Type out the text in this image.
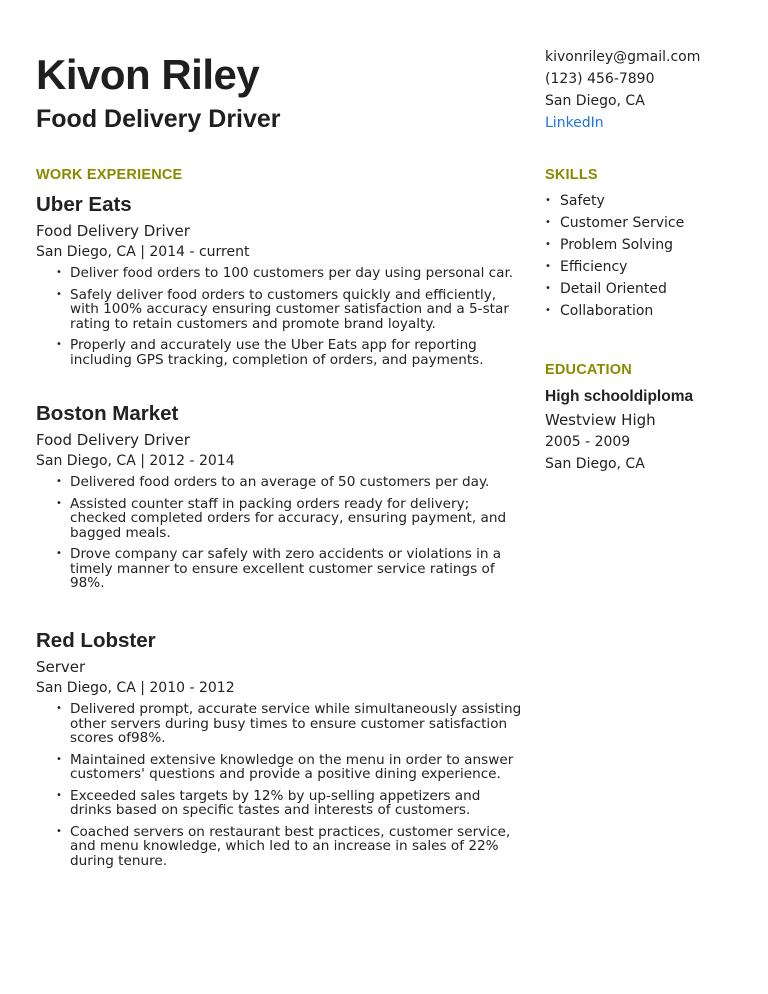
Kivon Riley
Food Delivery Driver
kivonriley@gmail.com
(123) 456-7890
San Diego, CA
LinkedIn
WORK EXPERIENCE
Uber Eats
Food Delivery Driver
San Diego, CA | 2014 - current
• Deliver food orders to 100 customers per day using personal car.
• Safely deliver food orders to customers quickly and efficiently, with 100% accuracy ensuring customer satisfaction and a 5-star rating to retain customers and promote brand loyalty.
• Properly and accurately use the Uber Eats app for reporting including GPS tracking, completion of orders, and payments.
Boston Market
Food Delivery Driver
San Diego, CA | 2012 - 2014
• Delivered food orders to an average of 50 customers per day.
• Assisted counter staff in packing orders ready for delivery; checked completed orders for accuracy, ensuring payment, and bagged meals.
• Drove company car safely with zero accidents or violations in a timely manner to ensure excellent customer service ratings of 98%.
Red Lobster
Server
San Diego, CA | 2010 - 2012
• Delivered prompt, accurate service while simultaneously assisting other servers during busy times to ensure customer satisfaction scores of98%.
• Maintained extensive knowledge on the menu in order to answer customers' questions and provide a positive dining experience.
• Exceeded sales targets by 12% by up-selling appetizers and drinks based on specific tastes and interests of customers.
• Coached servers on restaurant best practices, customer service, and menu knowledge, which led to an increase in sales of 22% during tenure.
SKILLS
• Safety
• Customer Service
• Problem Solving
• Efficiency
• Detail Oriented
• Collaboration
EDUCATION
High schooldiploma
Westview High
2005 - 2009
San Diego, CA
